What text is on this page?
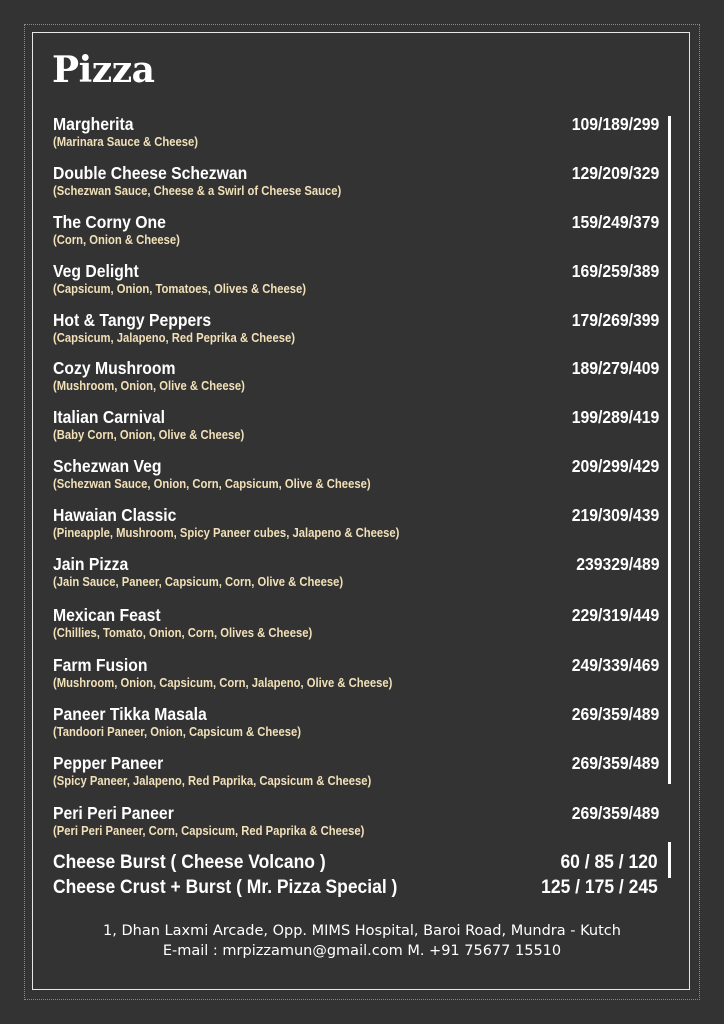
Pizza
Margherita
(Marinara Sauce & Cheese)
109/189/299
Double Cheese Schezwan
(Schezwan Sauce, Cheese & a Swirl of Cheese Sauce)
129/209/329
The Corny One
(Corn, Onion & Cheese)
159/249/379
Veg Delight
(Capsicum, Onion, Tomatoes, Olives & Cheese)
169/259/389
Hot & Tangy Peppers
(Capsicum, Jalapeno, Red Peprika & Cheese)
179/269/399
Cozy Mushroom
(Mushroom, Onion, Olive & Cheese)
189/279/409
Italian Carnival
(Baby Corn, Onion, Olive & Cheese)
199/289/419
Schezwan Veg
(Schezwan Sauce, Onion, Corn, Capsicum, Olive & Cheese)
209/299/429
Hawaian Classic
(Pineapple, Mushroom, Spicy Paneer cubes, Jalapeno & Cheese)
219/309/439
Jain Pizza
(Jain Sauce, Paneer, Capsicum, Corn, Olive & Cheese)
239329/489
Mexican Feast
(Chillies, Tomato, Onion, Corn, Olives & Cheese)
229/319/449
Farm Fusion
(Mushroom, Onion, Capsicum, Corn, Jalapeno, Olive & Cheese)
249/339/469
Paneer Tikka Masala
(Tandoori Paneer, Onion, Capsicum & Cheese)
269/359/489
Pepper Paneer
(Spicy Paneer, Jalapeno, Red Paprika, Capsicum & Cheese)
269/359/489
Peri Peri Paneer
(Peri Peri Paneer, Corn, Capsicum, Red Paprika & Cheese)
269/359/489
Cheese Burst ( Cheese Volcano )	60 / 85 / 120
Cheese Crust + Burst ( Mr. Pizza Special )	125 / 175 / 245
1, Dhan Laxmi Arcade, Opp. MIMS Hospital, Baroi Road, Mundra - Kutch
E-mail : mrpizzamun@gmail.com M. +91 75677 15510
